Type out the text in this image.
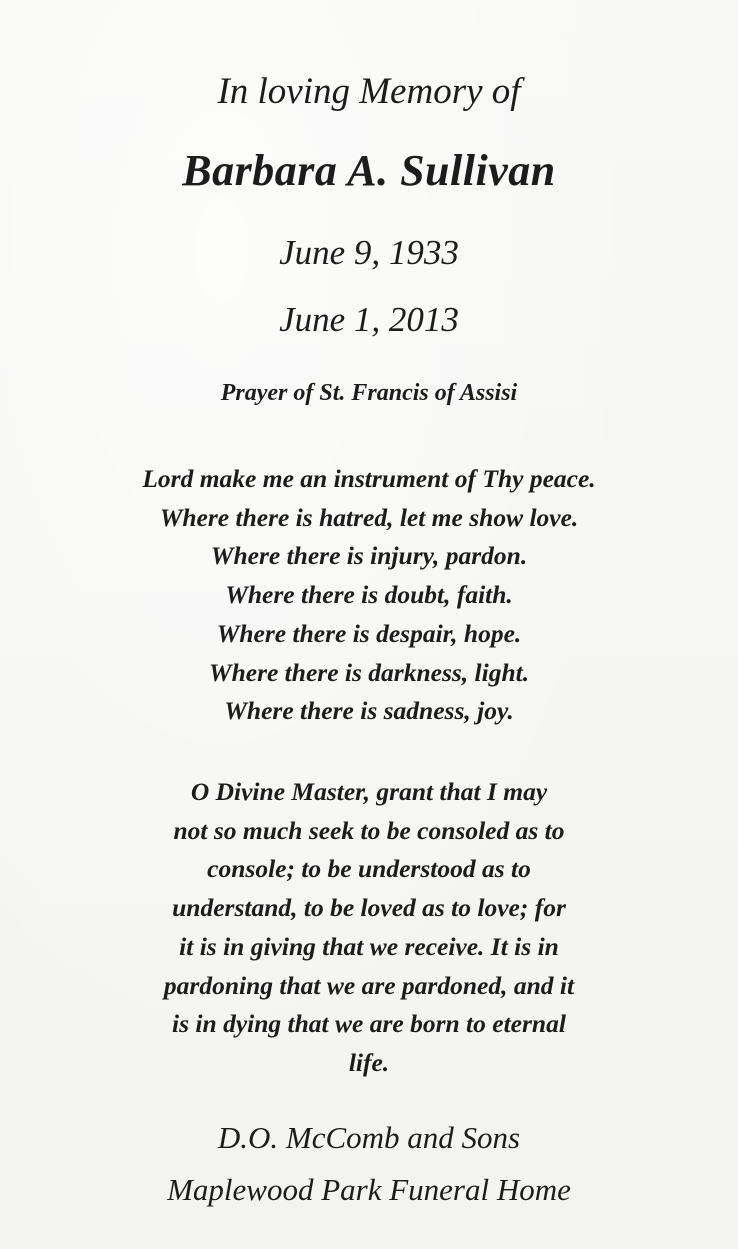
In loving Memory of
Barbara A. Sullivan
June 9, 1933
June 1, 2013
Prayer of St. Francis of Assisi
Lord make me an instrument of Thy peace.
Where there is hatred, let me show love.
Where there is injury, pardon.
Where there is doubt, faith.
Where there is despair, hope.
Where there is darkness, light.
Where there is sadness, joy.
O Divine Master, grant that I may
not so much seek to be consoled as to
console; to be understood as to
understand, to be loved as to love; for
it is in giving that we receive. It is in
pardoning that we are pardoned, and it
is in dying that we are born to eternal
life.
D.O. McComb and Sons
Maplewood Park Funeral Home
